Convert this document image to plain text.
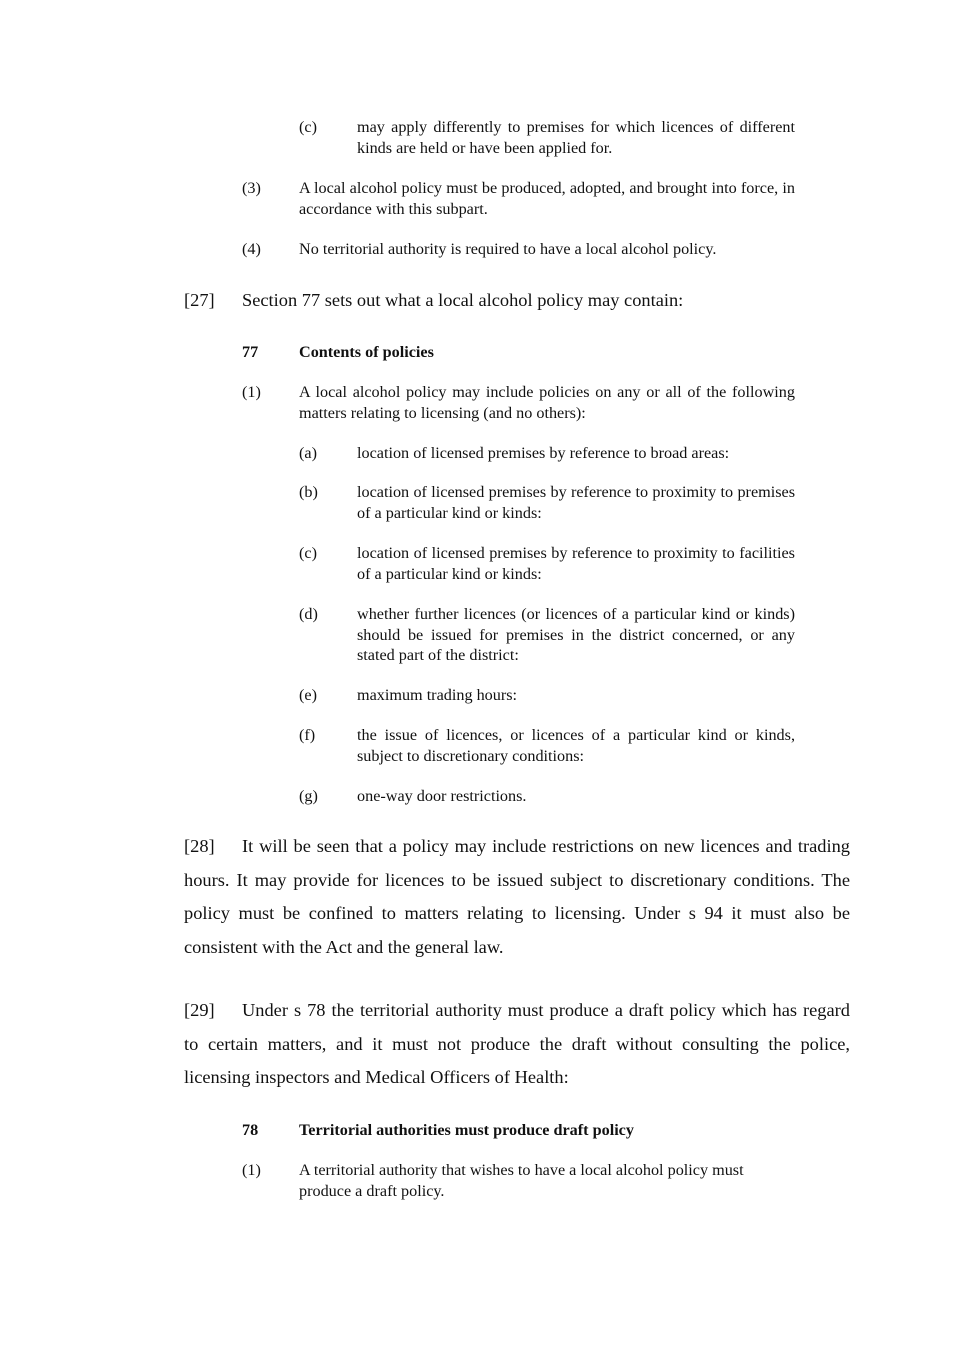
(c) may apply differently to premises for which licences of different kinds are held or have been applied for.
(3) A local alcohol policy must be produced, adopted, and brought into force, in accordance with this subpart.
(4) No territorial authority is required to have a local alcohol policy.
[27] Section 77 sets out what a local alcohol policy may contain:
77	Contents of policies
(1) A local alcohol policy may include policies on any or all of the following matters relating to licensing (and no others):
(a) location of licensed premises by reference to broad areas:
(b) location of licensed premises by reference to proximity to premises of a particular kind or kinds:
(c) location of licensed premises by reference to proximity to facilities of a particular kind or kinds:
(d) whether further licences (or licences of a particular kind or kinds) should be issued for premises in the district concerned, or any stated part of the district:
(e) maximum trading hours:
(f)	the issue of licences, or licences of a particular kind or kinds, subject to discretionary conditions:
(g) one-way door restrictions.
[28] It will be seen that a policy may include restrictions on new licences and trading hours. It may provide for licences to be issued subject to discretionary conditions. The policy must be confined to matters relating to licensing. Under s 94 it must also be consistent with the Act and the general law.
[29] Under s 78 the territorial authority must produce a draft policy which has regard to certain matters, and it must not produce the draft without consulting the police, licensing inspectors and Medical Officers of Health:
78	Territorial authorities must produce draft policy
(1) A territorial authority that wishes to have a local alcohol policy must produce a draft policy.
